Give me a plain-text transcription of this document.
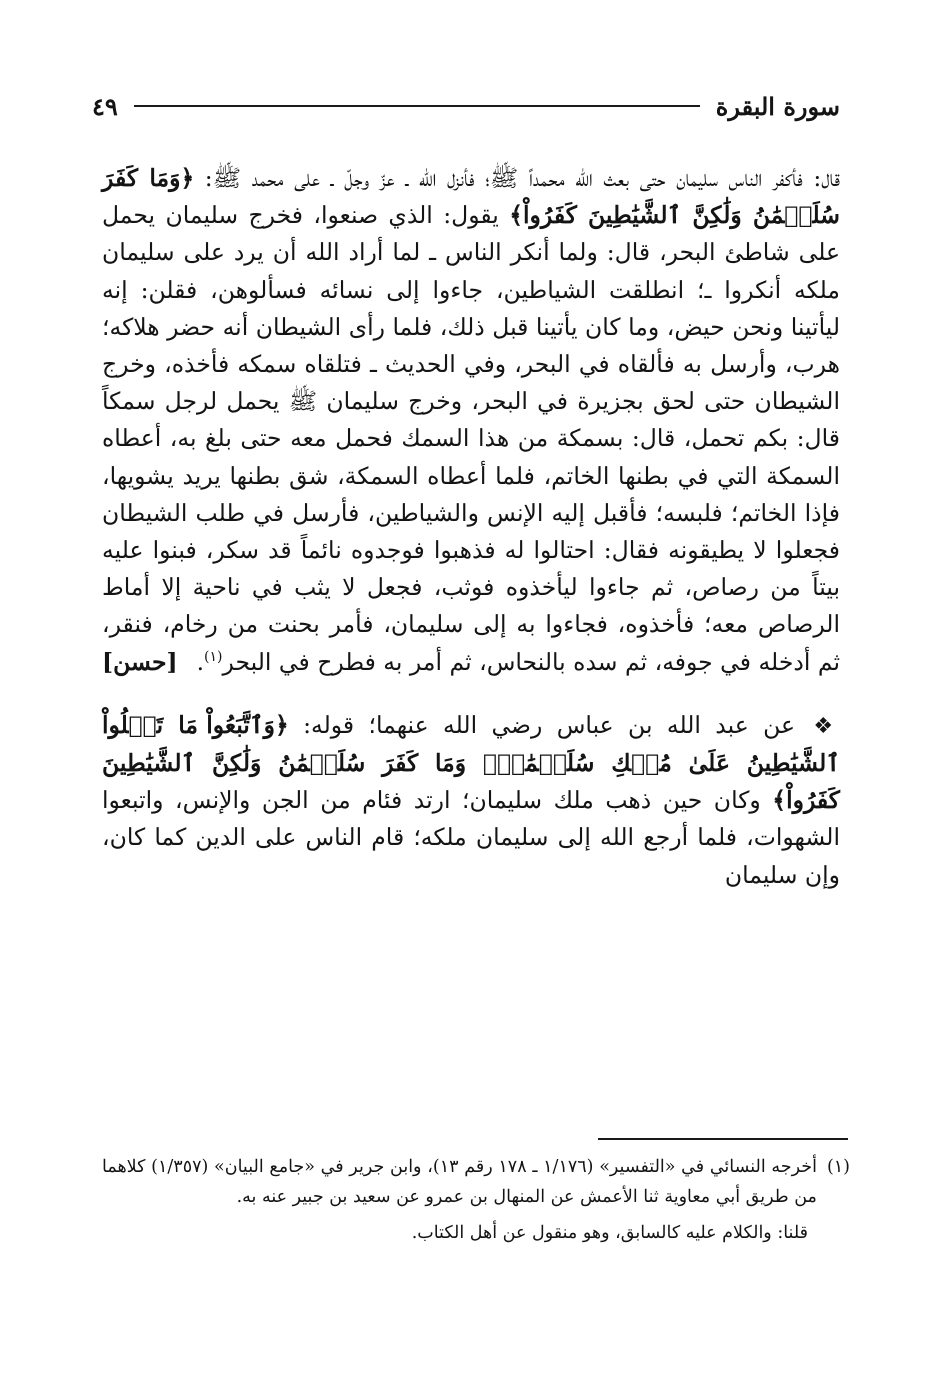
سورة البقرة
٤٩

قال: فأكفر الناس سليمان حتى بعث الله محمداً ﷺ؛ فأنزل الله ـ عزّ وجلّ ـ على محمد ﷺ: ﴿وَمَا كَفَرَ سُلَيۡمَٰنُ وَلَٰكِنَّ ٱلشَّيَٰطِينَ كَفَرُواْ﴾ يقول: الذي صنعوا، فخرج سليمان يحمل على شاطئ البحر، قال: ولما أنكر الناس ـ لما أراد الله أن يرد على سليمان ملكه أنكروا ـ؛ انطلقت الشياطين، جاءوا إلى نسائه فسألوهن، فقلن: إنه ليأتينا ونحن حيض، وما كان يأتينا قبل ذلك، فلما رأى الشيطان أنه حضر هلاكه؛ هرب، وأرسل به فألقاه في البحر، وفي الحديث ـ فتلقاه سمكه فأخذه، وخرج الشيطان حتى لحق بجزيرة في البحر، وخرج سليمان ﷺ يحمل لرجل سمكاً قال: بكم تحمل، قال: بسمكة من هذا السمك فحمل معه حتى بلغ به، أعطاه السمكة التي في بطنها الخاتم، فلما أعطاه السمكة، شق بطنها يريد يشويها، فإذا الخاتم؛ فلبسه؛ فأقبل إليه الإنس والشياطين، فأرسل في طلب الشيطان فجعلوا لا يطيقونه فقال: احتالوا له فذهبوا فوجدوه نائماً قد سكر، فبنوا عليه بيتاً من رصاص، ثم جاءوا ليأخذوه فوثب، فجعل لا يثب في ناحية إلا أماط الرصاص معه؛ فأخذوه، فجاءوا به إلى سليمان، فأمر بحنت من رخام، فنقر، ثم أدخله في جوفه، ثم سده بالنحاس، ثم أمر به فطرح في البحر$^{(١)}$.
[حسن]

❖ عن عبد الله بن عباس رضي الله عنهما؛ قوله: ﴿وَٱتَّبَعُواْ مَا تَتۡلُواْ ٱلشَّيَٰطِينُ عَلَىٰ مُلۡكِ سُلَيۡمَٰنَۖ وَمَا كَفَرَ سُلَيۡمَٰنُ وَلَٰكِنَّ ٱلشَّيَٰطِينَ كَفَرُواْ﴾ وكان حين ذهب ملك سليمان؛ ارتد فئام من الجن والإنس، واتبعوا الشهوات، فلما أرجع الله إلى سليمان ملكه؛ قام الناس على الدين كما كان، وإن سليمان

(١)
أخرجه النسائي في «التفسير» (١/١٧٦ ـ ١٧٨ رقم ١٣)، وابن جرير في «جامع البيان» (١/٣٥٧) كلاهما من طريق أبي معاوية ثنا الأعمش عن المنهال بن عمرو عن سعيد بن جبير عنه به.
قلنا: والكلام عليه كالسابق، وهو منقول عن أهل الكتاب.
